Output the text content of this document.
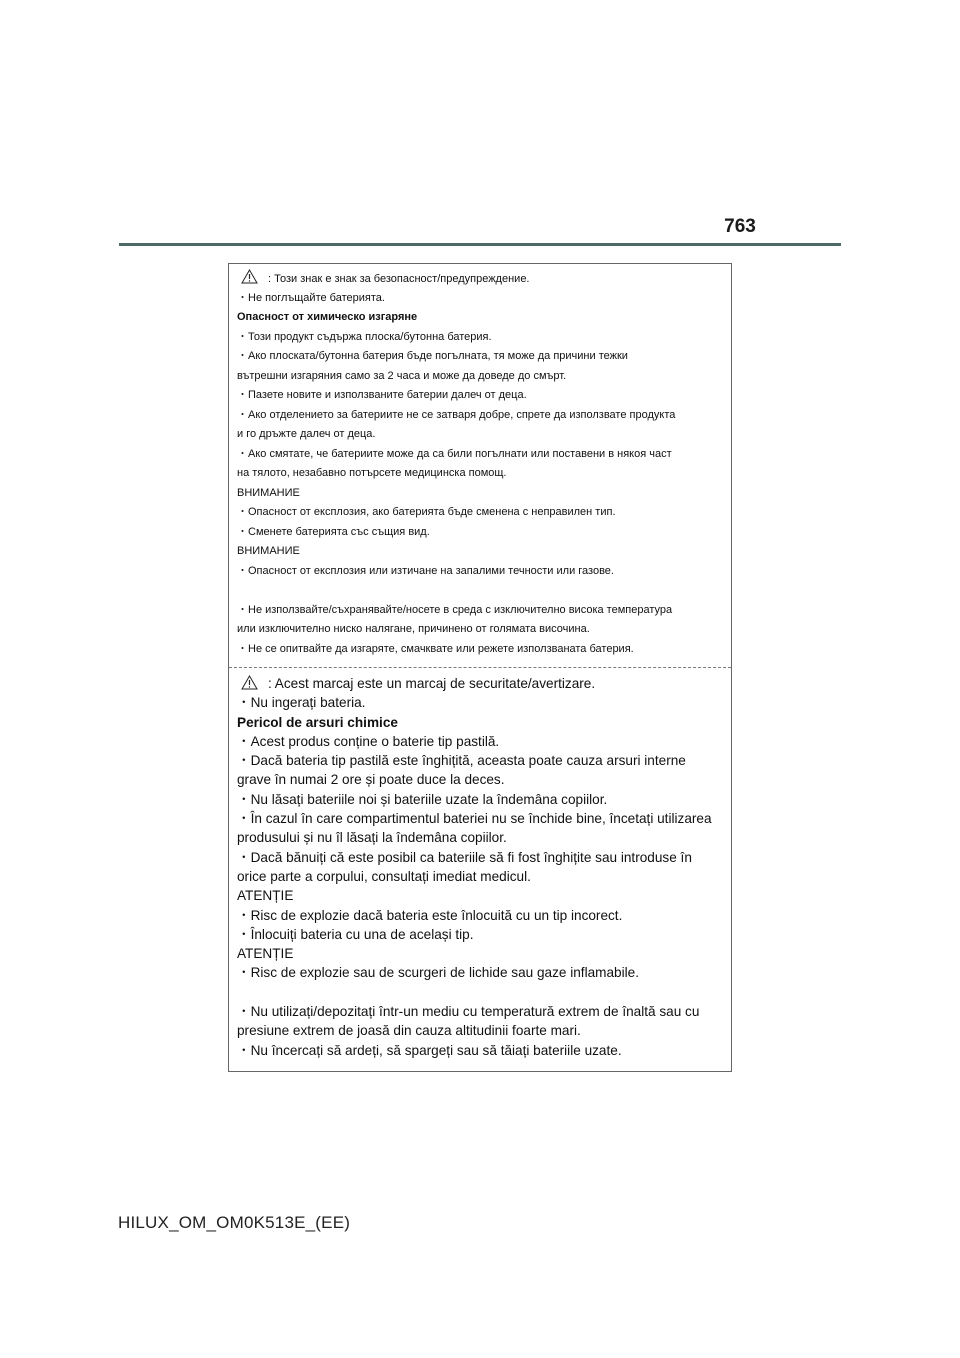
763
: Този знак е знак за безопасност/предупреждение.
・Не поглъщайте батерията.
Опасност от химическо изгаряне
・Този продукт съдържа плоска/бутонна батерия.
・Ако плоската/бутонна батерия бъде погълната, тя може да причини тежки
вътрешни изгаряния само за 2 часа и може да доведе до смърт.
・Пазете новите и използваните батерии далеч от деца.
・Ако отделението за батериите не се затваря добре, спрете да използвате продукта
и го дръжте далеч от деца.
・Ако смятате, че батериите може да са били погълнати или поставени в някоя част
на тялото, незабавно потърсете медицинска помощ.
ВНИМАНИЕ
・Опасност от експлозия, ако батерията бъде сменена с неправилен тип.
・Сменете батерията със същия вид.
ВНИМАНИЕ
・Опасност от експлозия или изтичане на запалими течности или газове.
・Не използвайте/съхранявайте/носете в среда с изключително висока температура
или изключително ниско налягане, причинено от голямата височина.
・Не се опитвайте да изгаряте, смачквате или режете използваната батерия.
: Acest marcaj este un marcaj de securitate/avertizare.
・Nu ingerați bateria.
Pericol de arsuri chimice
・Acest produs conține o baterie tip pastilă.
・Dacă bateria tip pastilă este înghițită, aceasta poate cauza arsuri interne
grave în numai 2 ore și poate duce la deces.
・Nu lăsați bateriile noi și bateriile uzate la îndemâna copiilor.
・În cazul în care compartimentul bateriei nu se închide bine, încetați utilizarea
produsului și nu îl lăsați la îndemâna copiilor.
・Dacă bănuiți că este posibil ca bateriile să fi fost înghițite sau introduse în
orice parte a corpului, consultați imediat medicul.
ATENȚIE
・Risc de explozie dacă bateria este înlocuită cu un tip incorect.
・Înlocuiți bateria cu una de același tip.
ATENȚIE
・Risc de explozie sau de scurgeri de lichide sau gaze inflamabile.
・Nu utilizați/depozitați într-un mediu cu temperatură extrem de înaltă sau cu
presiune extrem de joasă din cauza altitudinii foarte mari.
・Nu încercați să ardeți, să spargeți sau să tăiați bateriile uzate.
HILUX_OM_OM0K513E_(EE)
